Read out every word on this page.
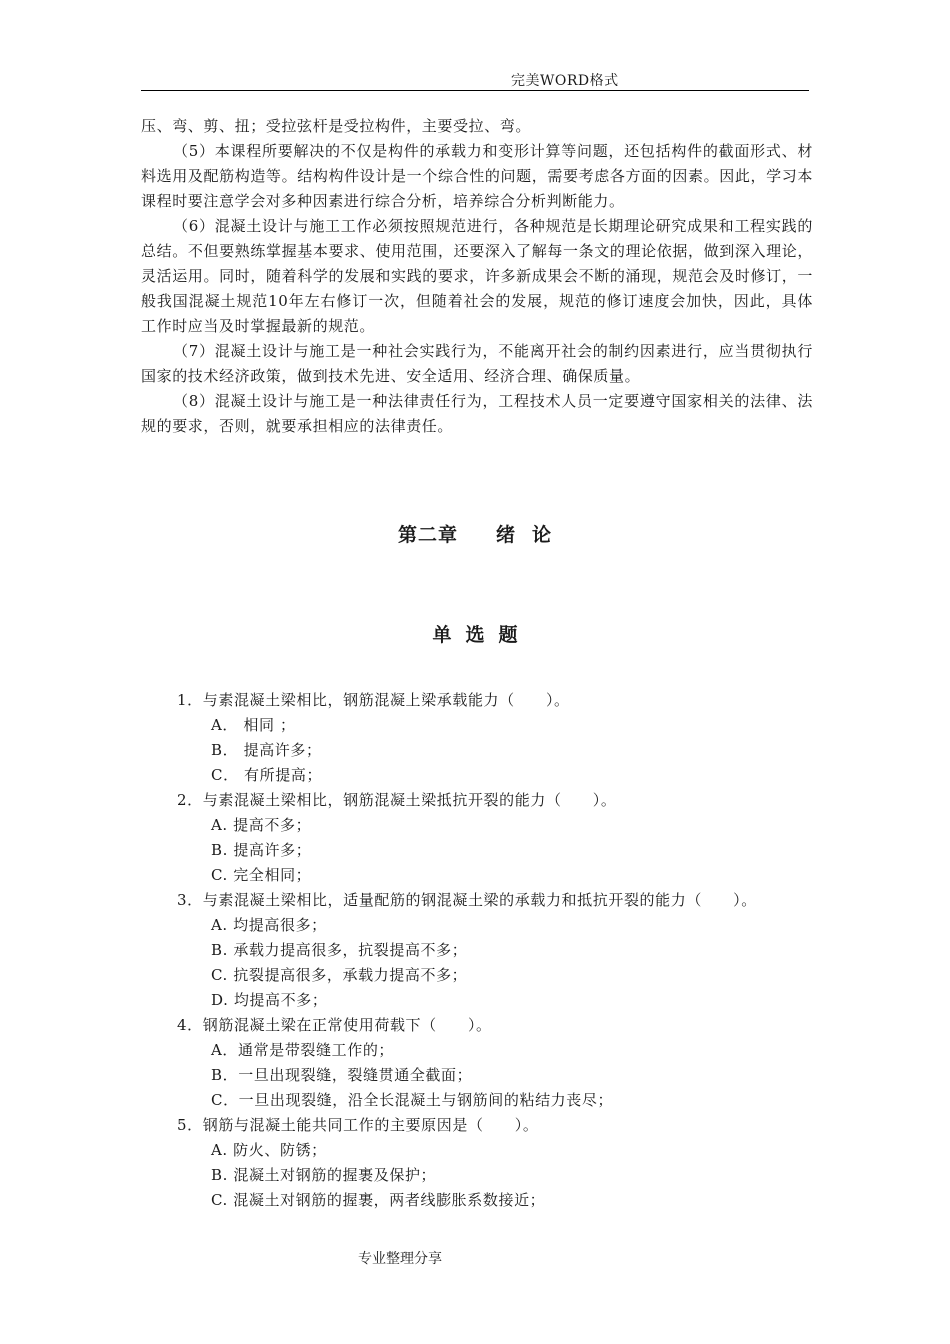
完美WORD格式

压、弯、剪、扭；受拉弦杆是受拉构件，主要受拉、弯。

（5）本课程所要解决的不仅是构件的承载力和变形计算等问题，还包括构件的截面形式、材料选用及配筋构造等。结构构件设计是一个综合性的问题，需要考虑各方面的因素。因此，学习本课程时要注意学会对多种因素进行综合分析，培养综合分析判断能力。

（6）混凝土设计与施工工作必须按照规范进行，各种规范是长期理论研究成果和工程实践的总结。不但要熟练掌握基本要求、使用范围，还要深入了解每一条文的理论依据，做到深入理论，灵活运用。同时，随着科学的发展和实践的要求，许多新成果会不断的涌现，规范会及时修订，一般我国混凝土规范10年左右修订一次，但随着社会的发展，规范的修订速度会加快，因此，具体工作时应当及时掌握最新的规范。

（7）混凝土设计与施工是一种社会实践行为，不能离开社会的制约因素进行，应当贯彻执行国家的技术经济政策，做到技术先进、安全适用、经济合理、确保质量。

（8）混凝土设计与施工是一种法律责任行为，工程技术人员一定要遵守国家相关的法律、法规的要求，否则，就要承担相应的法律责任。

第二章 绪 论
单选题

1．与素混凝土梁相比，钢筋混凝上梁承载能力（　　）。

A． 相同 ；

B． 提高许多；

C． 有所提高；

2．与素混凝土梁相比，钢筋混凝土梁抵抗开裂的能力（　　）。

A. 提高不多；

B. 提高许多；

C. 完全相同；

3．与素混凝土梁相比，适量配筋的钢混凝土梁的承载力和抵抗开裂的能力（　　）。

A. 均提高很多；

B. 承载力提高很多，抗裂提高不多；

C. 抗裂提高很多，承载力提高不多；

D. 均提高不多；

4．钢筋混凝土梁在正常使用荷载下（　　）。

A．通常是带裂缝工作的；

B．一旦出现裂缝，裂缝贯通全截面；

C．一旦出现裂缝，沿全长混凝土与钢筋间的粘结力丧尽；

5．钢筋与混凝土能共同工作的主要原因是（　　）。

A. 防火、防锈；

B. 混凝土对钢筋的握裹及保护；

C. 混凝土对钢筋的握裹，两者线膨胀系数接近；

专业整理分享
